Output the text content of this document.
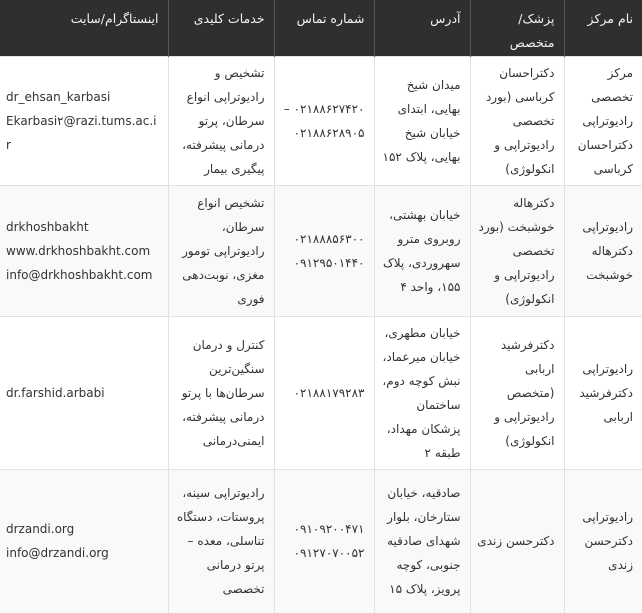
نام مرکز	پزشک/ متخصص	آدرس	شماره تماس	خدمات کلیدی	اینستاگرام/سایت
مرکز تخصصی رادیوتراپی دکتراحسان کرباسی	دکتراحسان کرباسی (بورد تخصصی رادیوتراپی و انکولوژی)	میدان شیخ بهایی، ابتدای خیابان شیخ بهایی، پلاک ۱۵۲	۰۲۱۸۸۶۲۷۴۲۰ – ۰۲۱۸۸۶۲۸۹۰۵	تشخیص و رادیوتراپی انواع سرطان، پرتو درمانی پیشرفته، پیگیری بیمار	dr_ehsan_karbasi
Ekarbasi۲@razi.tums.ac.ir

رادیوتراپی دکترهاله خوشبخت	دکترهاله خوشبخت (بورد تخصصی رادیوتراپی و انکولوژی)	خیابان بهشتی، روبروی مترو سهروردی، پلاک ۱۵۵، واحد ۴	۰۲۱۸۸۸۵۶۳۰۰ ۰۹۱۲۹۵۰۱۴۴۰	تشخیص انواع سرطان، رادیوتراپی تومور مغزی، نوبت‌دهی فوری	drkhoshbakht
www.drkhoshbakht.com
info@drkhoshbakht.com

رادیوتراپی دکترفرشید اربابی	دکترفرشید اربابی (متخصص رادیوتراپی و انکولوژی)	خیابان مطهری، خیابان میرعماد، نبش کوچه دوم، ساختمان پزشکان مهداد، طبقه ۲	۰۲۱۸۸۱۷۹۲۸۳	کنترل و درمان سنگین‌ترین سرطان‌ها با پرتو درمانی پیشرفته، ایمنی‌درمانی	dr.farshid.arbabi

رادیوتراپی دکترحسن زندی	دکترحسن زندی	صادقیه، خیابان ستارخان، بلوار شهدای صادقیه جنوبی، کوچه پرویز، پلاک ۱۵	۰۹۱۰۹۲۰۰۴۷۱ ۰۹۱۲۷۰۷۰۰۵۲	رادیوتراپی سینه، پروستات، دستگاه تناسلی، معده – پرتو درمانی تخصصی	drzandi.org
info@drzandi.org
